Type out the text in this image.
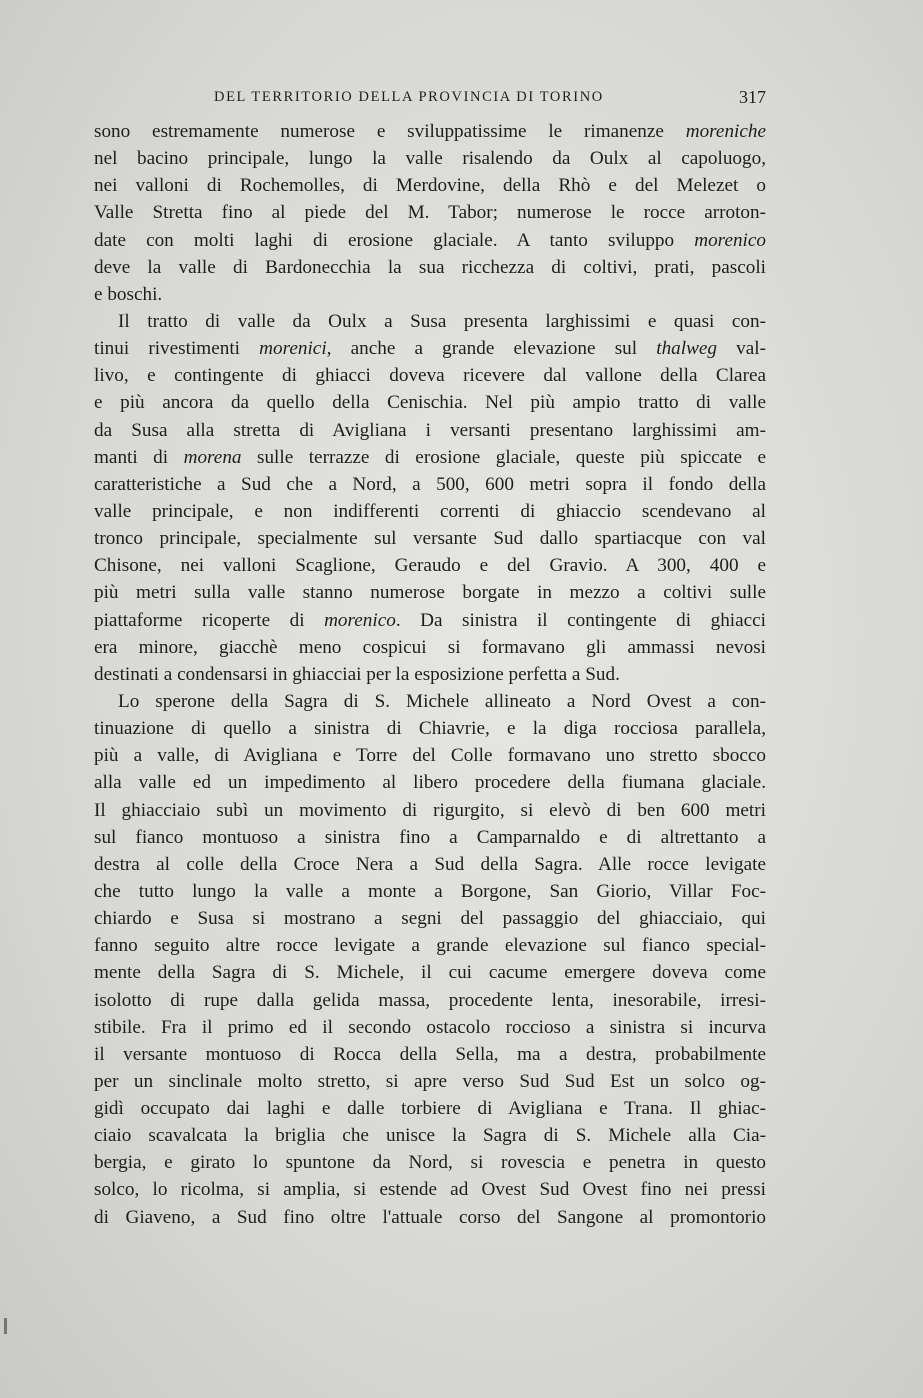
DEL TERRITORIO DELLA PROVINCIA DI TORINO	317
sono estremamente numerose e sviluppatissime le rimanenze moreniche
nel bacino principale, lungo la valle risalendo da Oulx al capoluogo,
nei valloni di Rochemolles, di Merdovine, della Rhò e del Melezet o
Valle Stretta fino al piede del M. Tabor; numerose le rocce arroton-
date con molti laghi di erosione glaciale. A tanto sviluppo morenico
deve la valle di Bardonecchia la sua ricchezza di coltivi, prati, pascoli
e boschi.
Il tratto di valle da Oulx a Susa presenta larghissimi e quasi con-
tinui rivestimenti morenici, anche a grande elevazione sul thalweg val-
livo, e contingente di ghiacci doveva ricevere dal vallone della Clarea
e più ancora da quello della Cenischia. Nel più ampio tratto di valle
da Susa alla stretta di Avigliana i versanti presentano larghissimi am-
manti di morena sulle terrazze di erosione glaciale, queste più spiccate e
caratteristiche a Sud che a Nord, a 500, 600 metri sopra il fondo della
valle principale, e non indifferenti correnti di ghiaccio scendevano al
tronco principale, specialmente sul versante Sud dallo spartiacque con val
Chisone, nei valloni Scaglione, Geraudo e del Gravio. A 300, 400 e
più metri sulla valle stanno numerose borgate in mezzo a coltivi sulle
piattaforme ricoperte di morenico. Da sinistra il contingente di ghiacci
era minore, giacchè meno cospicui si formavano gli ammassi nevosi
destinati a condensarsi in ghiacciai per la esposizione perfetta a Sud.
Lo sperone della Sagra di S. Michele allineato a Nord Ovest a con-
tinuazione di quello a sinistra di Chiavrie, e la diga rocciosa parallela,
più a valle, di Avigliana e Torre del Colle formavano uno stretto sbocco
alla valle ed un impedimento al libero procedere della fiumana glaciale.
Il ghiacciaio subì un movimento di rigurgito, si elevò di ben 600 metri
sul fianco montuoso a sinistra fino a Camparnaldo e di altrettanto a
destra al colle della Croce Nera a Sud della Sagra. Alle rocce levigate
che tutto lungo la valle a monte a Borgone, San Giorio, Villar Foc-
chiardo e Susa si mostrano a segni del passaggio del ghiacciaio, qui
fanno seguito altre rocce levigate a grande elevazione sul fianco special-
mente della Sagra di S. Michele, il cui cacume emergere doveva come
isolotto di rupe dalla gelida massa, procedente lenta, inesorabile, irresi-
stibile. Fra il primo ed il secondo ostacolo roccioso a sinistra si incurva
il versante montuoso di Rocca della Sella, ma a destra, probabilmente
per un sinclinale molto stretto, si apre verso Sud Sud Est un solco og-
gidì occupato dai laghi e dalle torbiere di Avigliana e Trana. Il ghiac-
ciaio scavalcata la briglia che unisce la Sagra di S. Michele alla Cia-
bergia, e girato lo spuntone da Nord, si rovescia e penetra in questo
solco, lo ricolma, si amplia, si estende ad Ovest Sud Ovest fino nei pressi
di Giaveno, a Sud fino oltre l'attuale corso del Sangone al promontorio
